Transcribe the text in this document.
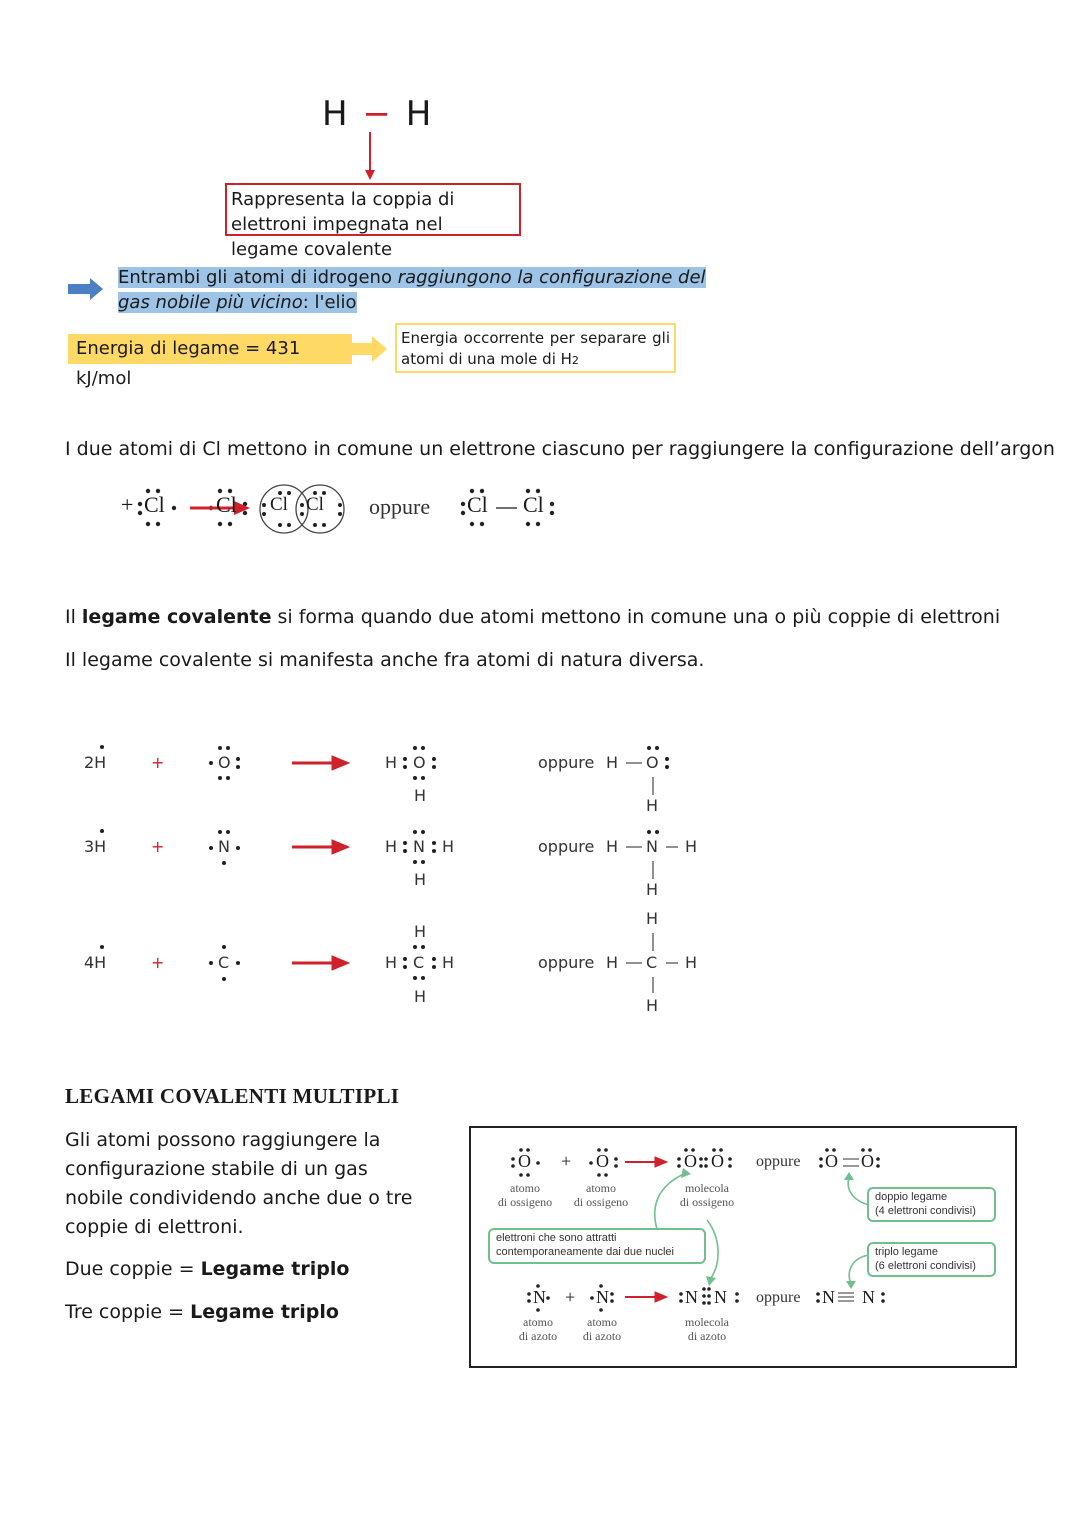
H − H
Rappresenta la coppia di elettroni impegnata nel legame covalente
Entrambi gli atomi di idrogeno raggiungono la configurazione del
gas nobile più vicino: l'elio
Energia di legame = 431 kJ/mol
Energia occorrente per separare gli atomi di una mole di H2
I due atomi di Cl mettono in comune un elettrone ciascuno per raggiungere la configurazione dell’argon
Cl
+	Cl Cl Cl oppure Cl Cl
Il legame covalente si forma quando due atomi mettono in comune una o più coppie di elettroni
Il legame covalente si manifesta anche fra atomi di natura diversa.
2H	+	O	H O
H
oppure H O
H
3H	+	N	H N H
H
oppure H N H
H
H
H
4H	+	C	H C H
H
oppure H C H
H
LEGAMI COVALENTI MULTIPLI
Gli atomi possono raggiungere la configurazione stabile di un gas nobile condividendo anche due o tre coppie di elettroni.
Due coppie = Legame triplo
Tre coppie = Legame triplo
O + O	O O oppure O O
atomo
di ossigeno
atomo
di ossigeno
molecola
di ossigeno	doppio legame
(4 elettroni condivisi)
elettroni che sono attratti
contemporaneamente dai due nuclei	triplo legame
(6 elettroni condivisi)
N + N	N N oppure N N
atomo
di azoto
atomo
di azoto
molecola
di azoto
